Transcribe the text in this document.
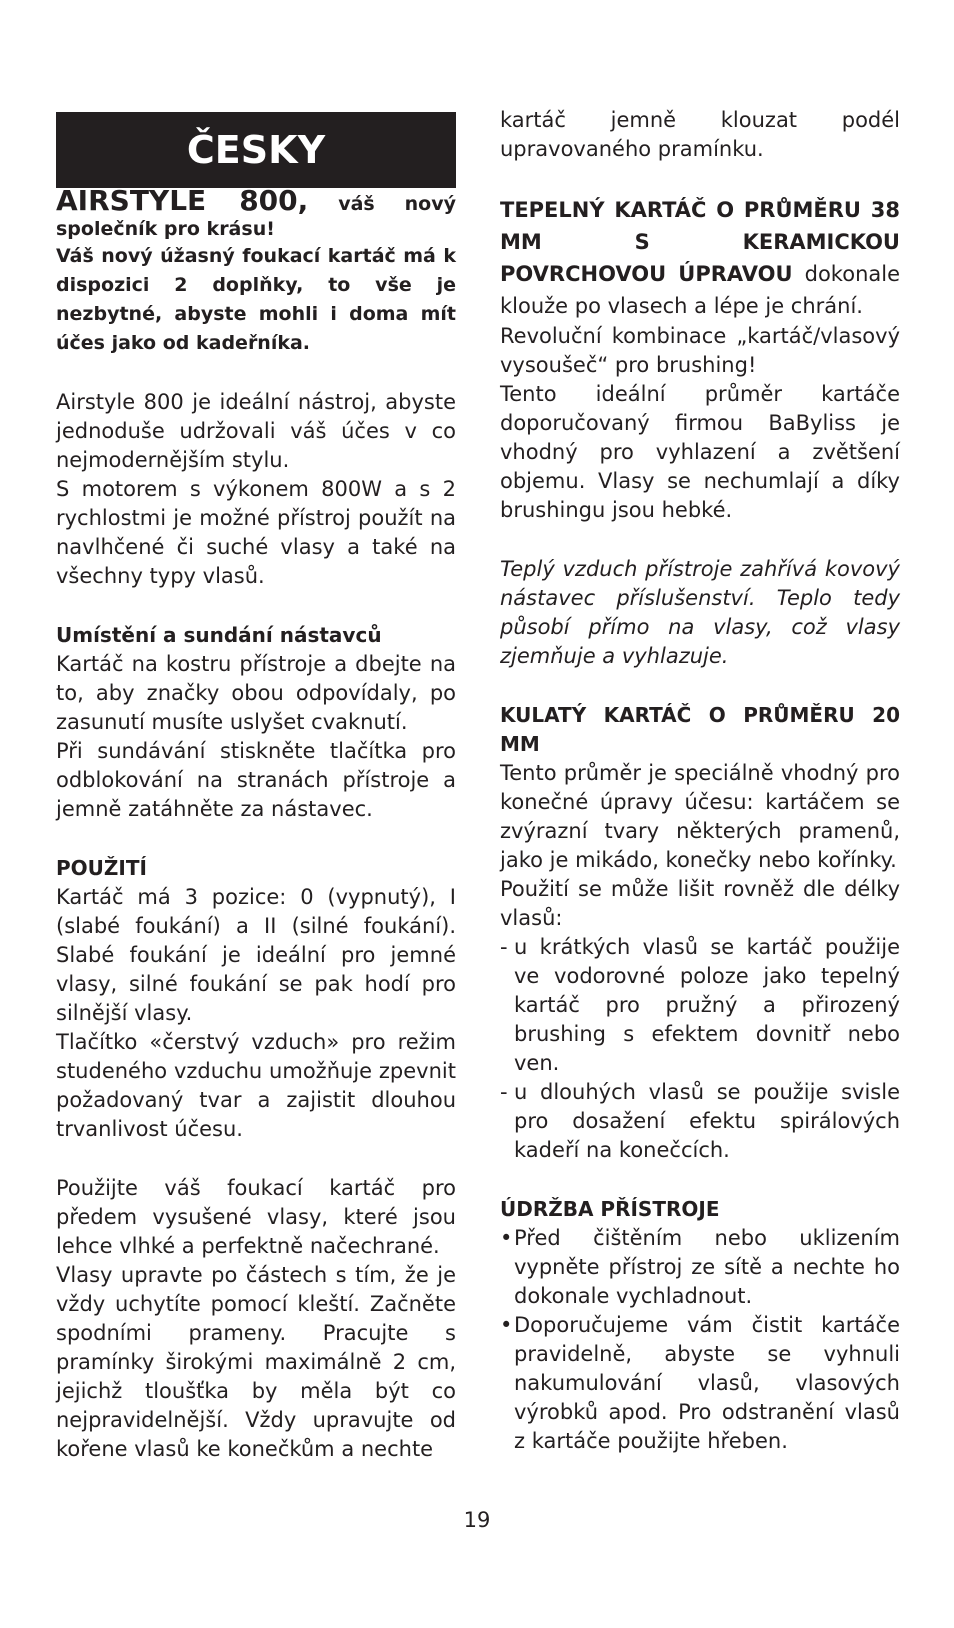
ČESKY

AIRSTYLE 800, váš nový společník pro krásu!

Váš nový úžasný foukací kartáč má k dispozici 2 doplňky, to vše je nezbytné, abyste mohli i doma mít účes jako od kadeřníka.

Airstyle 800 je ideální nástroj, abyste jednoduše udržovali váš účes v co nejmodernějším stylu.

S motorem s výkonem 800W a s 2 rychlostmi je možné přístroj použít na navlhčené či suché vlasy a také na všechny typy vlasů.

Umístění a sundání nástavců

Kartáč na kostru přístroje a dbejte na to, aby značky obou odpovídaly, po zasunutí musíte uslyšet cvaknutí.

Při sundávání stiskněte tlačítka pro odblokování na stranách přístroje a jemně zatáhněte za nástavec.

POUŽITÍ

Kartáč má 3 pozice: 0 (vypnutý), I (slabé foukání) a II (silné foukání). Slabé foukání je ideální pro jemné vlasy, silné foukání se pak hodí pro silnější vlasy.

Tlačítko «čerstvý vzduch» pro režim studeného vzduchu umožňuje zpevnit požadovaný tvar a zajistit dlouhou trvanlivost účesu.

Použijte váš foukací kartáč pro předem vysušené vlasy, které jsou lehce vlhké a perfektně načechrané.

Vlasy upravte po částech s tím, že je vždy uchytíte pomocí kleští. Začněte spodními prameny. Pracujte s pramínky širokými maximálně 2 cm, jejichž tloušťka by měla být co nejpravidelnější. Vždy upravujte od kořene vlasů ke konečkům a nechte

kartáč jemně klouzat podél upravovaného pramínku.

TEPELNÝ KARTÁČ O PRŮMĚRU 38 MM S KERAMICKOU POVRCHOVOU ÚPRAVOU dokonale klouže po vlasech a lépe je chrání.

Revoluční kombinace „kartáč/vlasový vysoušeč“ pro brushing!

Tento ideální průměr kartáče doporučovaný firmou BaByliss je vhodný pro vyhlazení a zvětšení objemu. Vlasy se nechumlají a díky brushingu jsou hebké.

Teplý vzduch přístroje zahřívá kovový nástavec příslušenství. Teplo tedy působí přímo na vlasy, což vlasy zjemňuje a vyhlazuje.

KULATÝ KARTÁČ O PRŮMĚRU 20 MM

Tento průměr je speciálně vhodný pro konečné úpravy účesu: kartáčem se zvýrazní tvary některých pramenů, jako je mikádo, konečky nebo kořínky.

Použití se může lišit rovněž dle délky vlasů:

- u krátkých vlasů se kartáč použije ve vodorovné poloze jako tepelný kartáč pro pružný a přirozený brushing s efektem dovnitř nebo ven.

- u dlouhých vlasů se použije svisle pro dosažení efektu spirálových kadeří na konečcích.

ÚDRŽBA PŘÍSTROJE

• Před čištěním nebo uklizením vypněte přístroj ze sítě a nechte ho dokonale vychladnout.

• Doporučujeme vám čistit kartáče pravidelně, abyste se vyhnuli nakumulování vlasů, vlasových výrobků apod. Pro odstranění vlasů z kartáče použijte hřeben.

19
